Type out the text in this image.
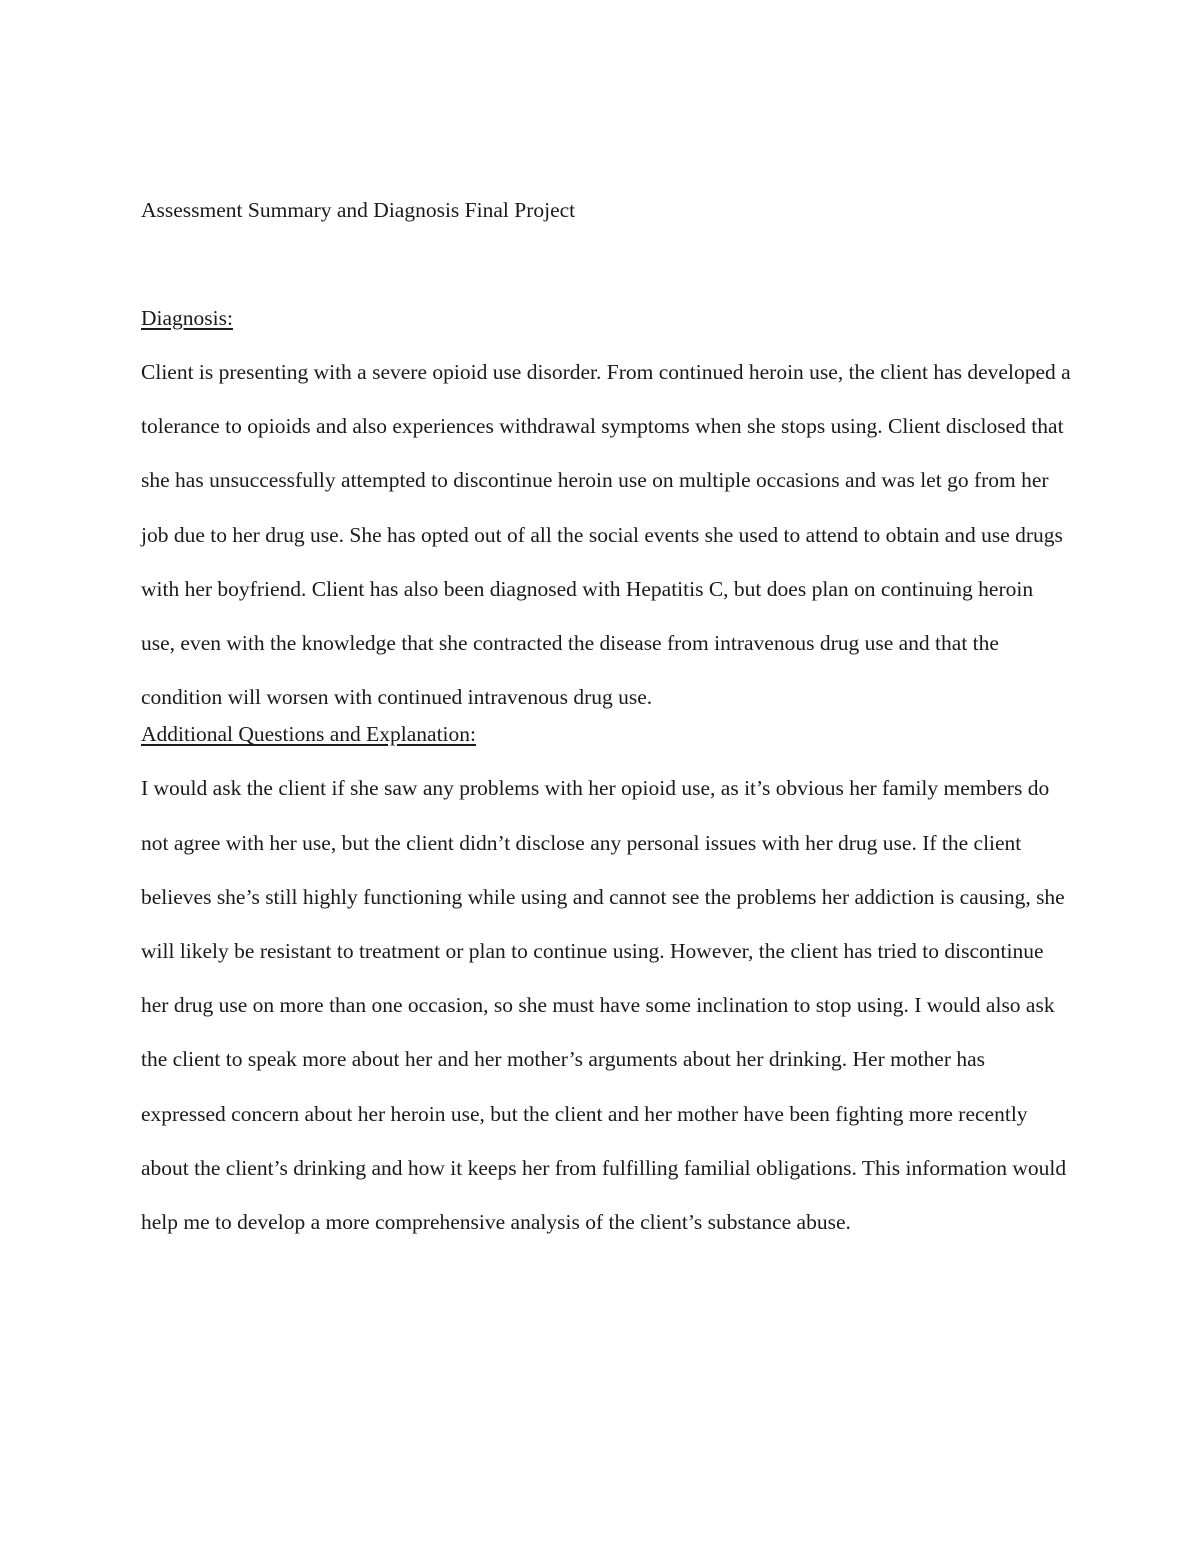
Assessment Summary and Diagnosis Final Project
Diagnosis:
Client is presenting with a severe opioid use disorder. From continued heroin use, the client has developed a tolerance to opioids and also experiences withdrawal symptoms when she stops using. Client disclosed that she has unsuccessfully attempted to discontinue heroin use on multiple occasions and was let go from her job due to her drug use. She has opted out of all the social events she used to attend to obtain and use drugs with her boyfriend. Client has also been diagnosed with Hepatitis C, but does plan on continuing heroin use, even with the knowledge that she contracted the disease from intravenous drug use and that the condition will worsen with continued intravenous drug use.
Additional Questions and Explanation:
I would ask the client if she saw any problems with her opioid use, as it’s obvious her family members do not agree with her use, but the client didn’t disclose any personal issues with her drug use. If the client believes she’s still highly functioning while using and cannot see the problems her addiction is causing, she will likely be resistant to treatment or plan to continue using. However, the client has tried to discontinue her drug use on more than one occasion, so she must have some inclination to stop using. I would also ask the client to speak more about her and her mother’s arguments about her drinking. Her mother has expressed concern about her heroin use, but the client and her mother have been fighting more recently about the client’s drinking and how it keeps her from fulfilling familial obligations. This information would help me to develop a more comprehensive analysis of the client’s substance abuse.
